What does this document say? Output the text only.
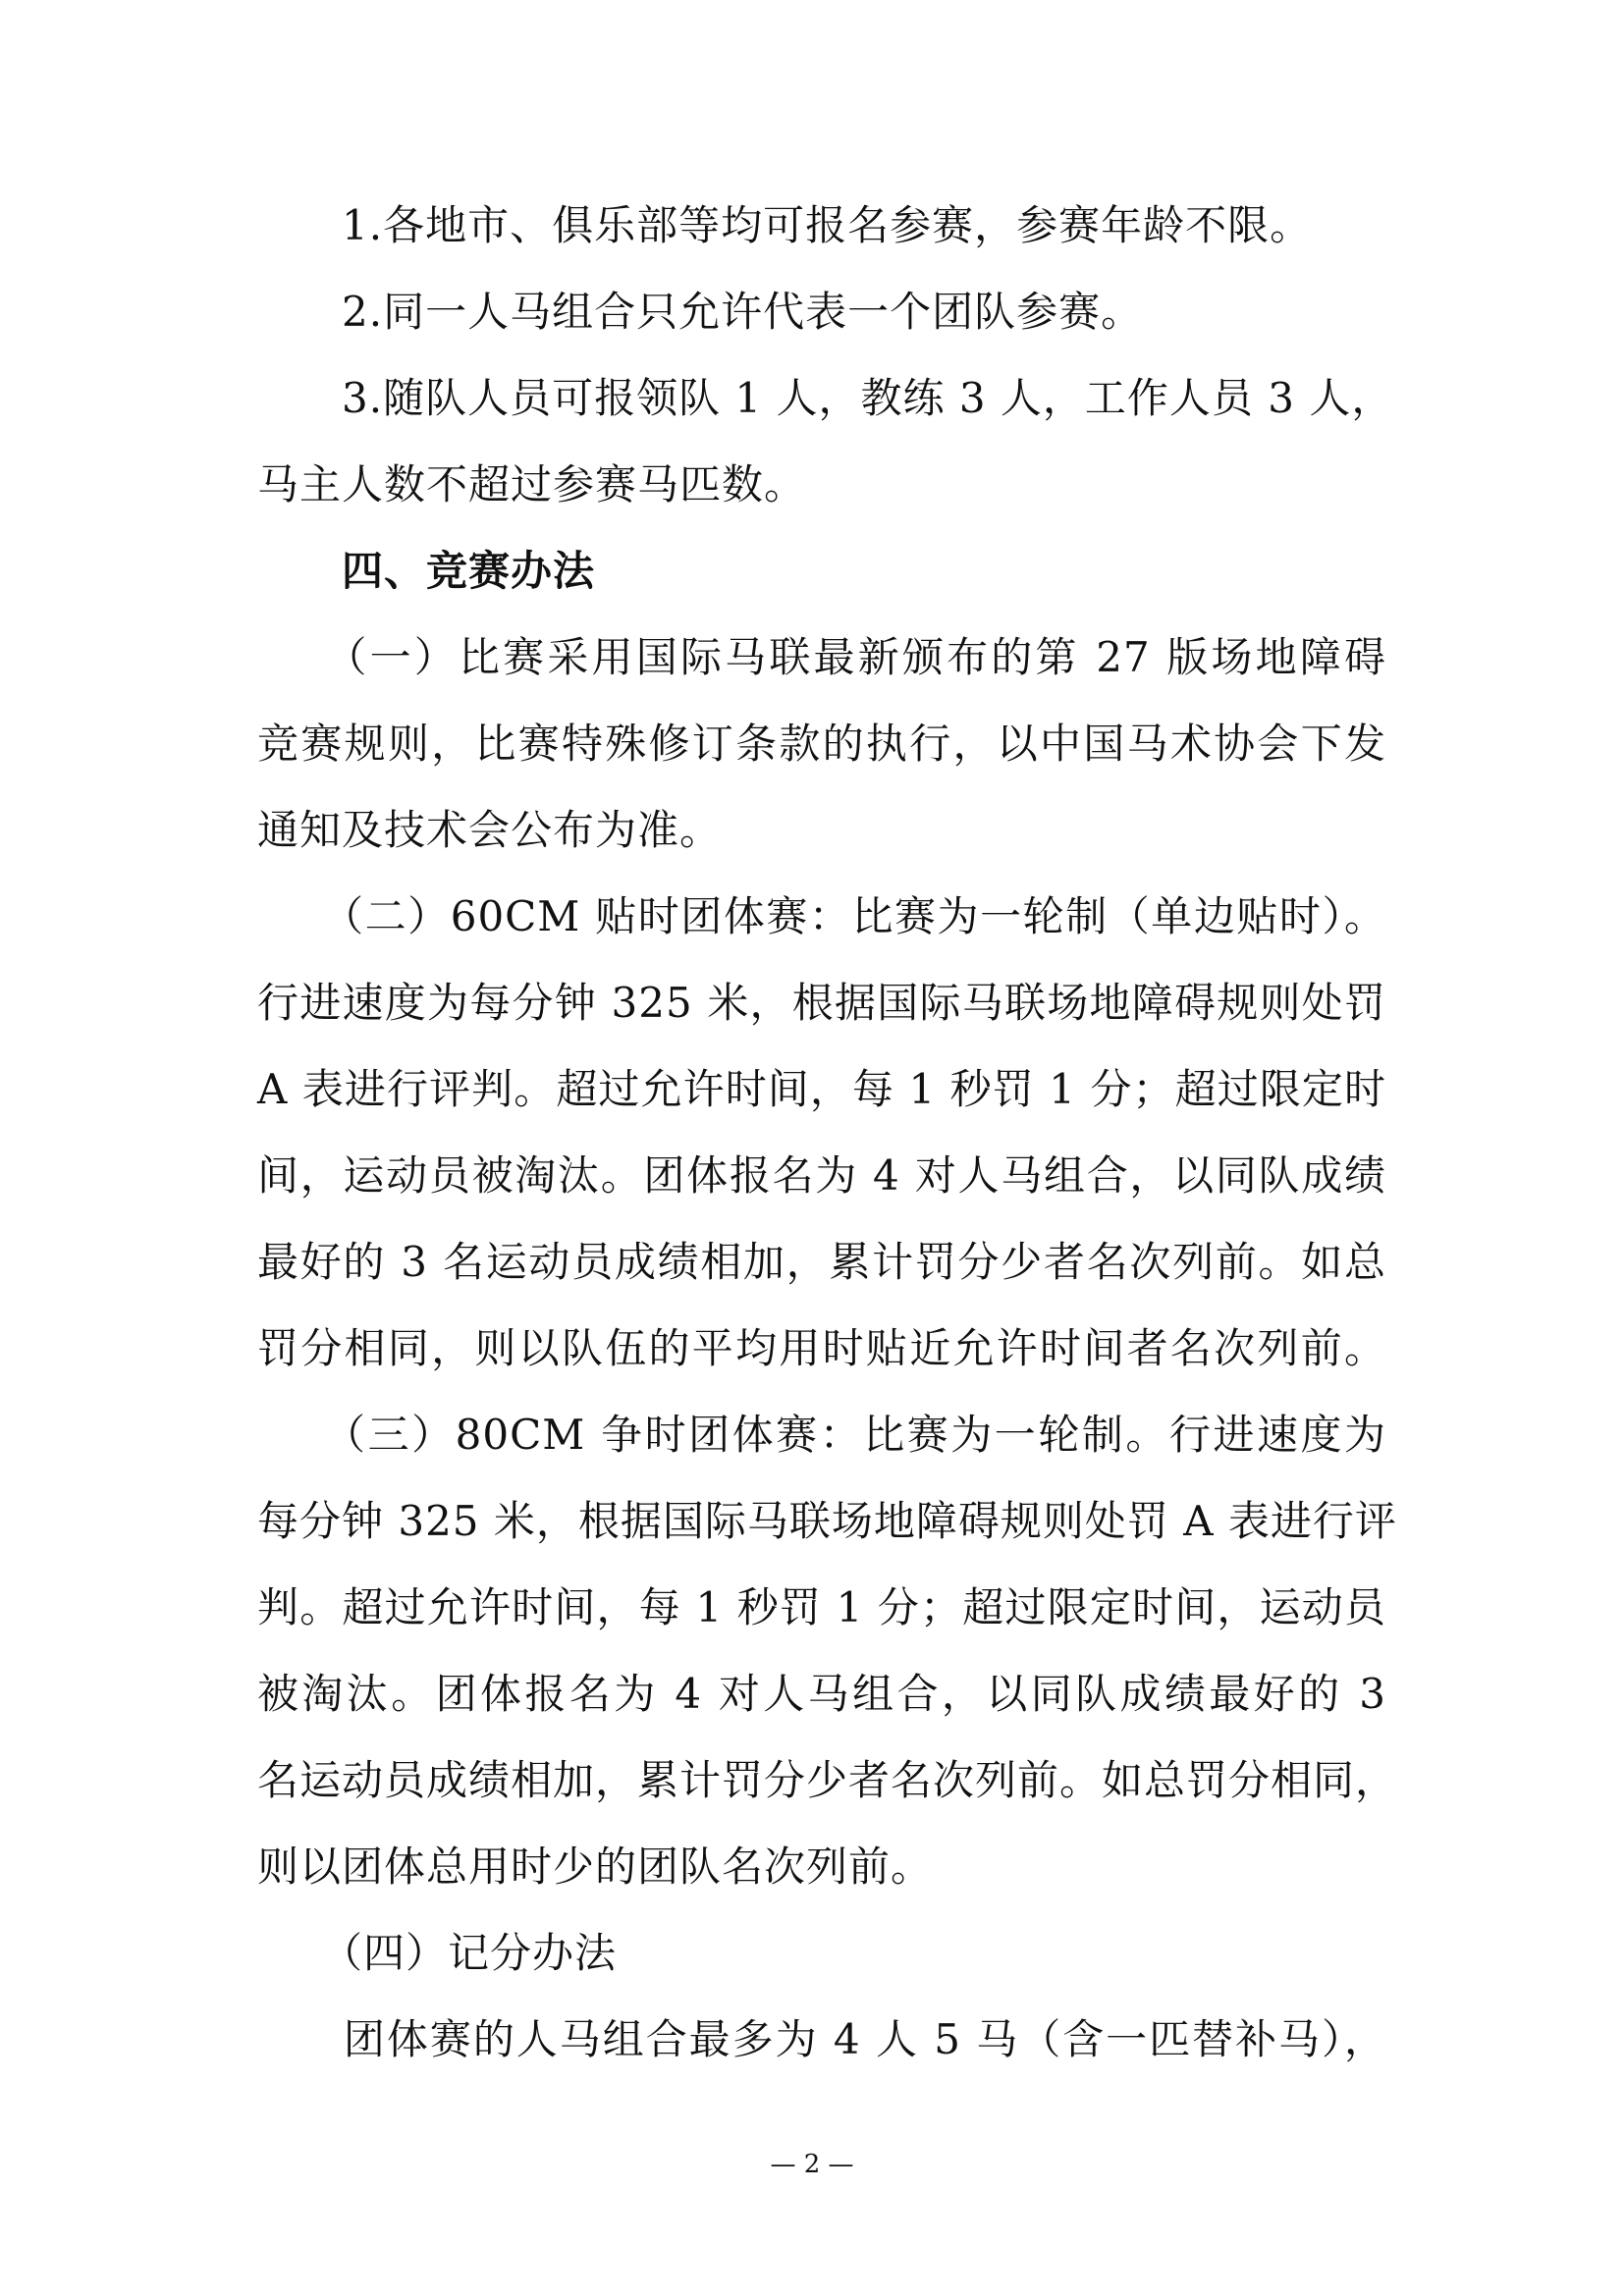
　　1.各地市、俱乐部等均可报名参赛，参赛年龄不限。
　　2.同一人马组合只允许代表一个团队参赛。
　　3.随队人员可报领队 1 人，教练 3 人，工作人员 3 人，
马主人数不超过参赛马匹数。
　　四、竞赛办法
　　（一）比赛采用国际马联最新颁布的第 27 版场地障碍
竞赛规则，比赛特殊修订条款的执行，以中国马术协会下发
通知及技术会公布为准。
　　（二）60CM 贴时团体赛：比赛为一轮制（单边贴时）。
行进速度为每分钟 325 米，根据国际马联场地障碍规则处罚
A 表进行评判。超过允许时间，每 1 秒罚 1 分；超过限定时
间，运动员被淘汰。团体报名为 4 对人马组合，以同队成绩
最好的 3 名运动员成绩相加，累计罚分少者名次列前。如总
罚分相同，则以队伍的平均用时贴近允许时间者名次列前。
　　（三）80CM 争时团体赛：比赛为一轮制。行进速度为
每分钟 325 米，根据国际马联场地障碍规则处罚 A 表进行评
判。超过允许时间，每 1 秒罚 1 分；超过限定时间，运动员
被淘汰。团体报名为 4 对人马组合，以同队成绩最好的 3
名运动员成绩相加，累计罚分少者名次列前。如总罚分相同，
则以团体总用时少的团队名次列前。
　　（四）记分办法
　　团体赛的人马组合最多为 4 人 5 马（含一匹替补马），
— 2 —
